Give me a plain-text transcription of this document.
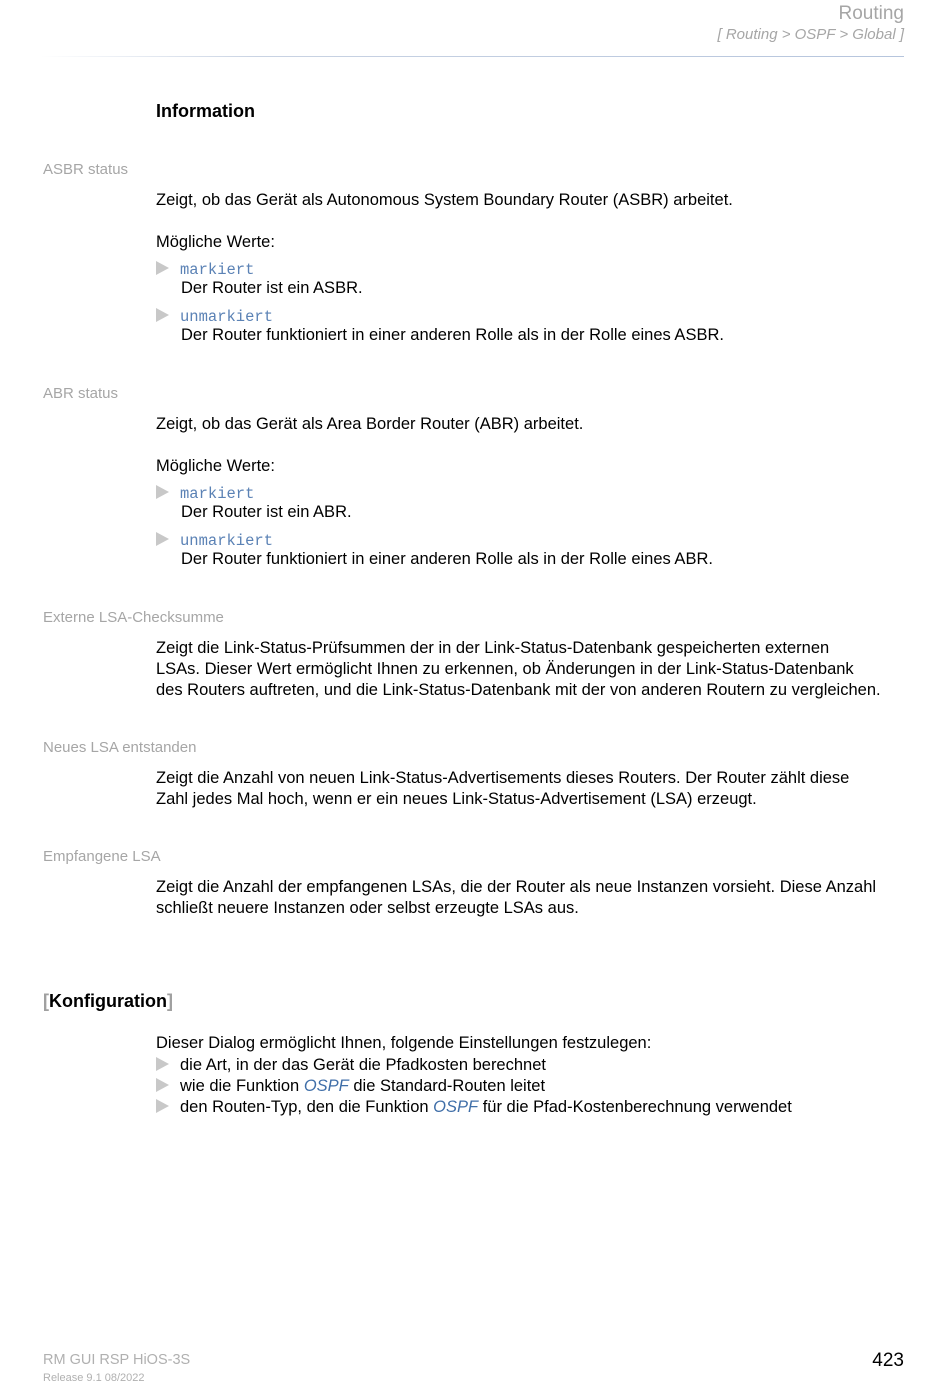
Routing
[ Routing > OSPF > Global ]
Information
ASBR status
Zeigt, ob das Gerät als Autonomous System Boundary Router (ASBR) arbeitet.
Mögliche Werte:
markiert
Der Router ist ein ASBR.
unmarkiert
Der Router funktioniert in einer anderen Rolle als in der Rolle eines ASBR.
ABR status
Zeigt, ob das Gerät als Area Border Router (ABR) arbeitet.
Mögliche Werte:
markiert
Der Router ist ein ABR.
unmarkiert
Der Router funktioniert in einer anderen Rolle als in der Rolle eines ABR.
Externe LSA-Checksumme
Zeigt die Link-Status-Prüfsummen der in der Link-Status-Datenbank gespeicherten externen
LSAs. Dieser Wert ermöglicht Ihnen zu erkennen, ob Änderungen in der Link-Status-Datenbank
des Routers auftreten, und die Link-Status-Datenbank mit der von anderen Routern zu vergleichen.
Neues LSA entstanden
Zeigt die Anzahl von neuen Link-Status-Advertisements dieses Routers. Der Router zählt diese
Zahl jedes Mal hoch, wenn er ein neues Link-Status-Advertisement (LSA) erzeugt.
Empfangene LSA
Zeigt die Anzahl der empfangenen LSAs, die der Router als neue Instanzen vorsieht. Diese Anzahl
schließt neuere Instanzen oder selbst erzeugte LSAs aus.
[Konfiguration]
Dieser Dialog ermöglicht Ihnen, folgende Einstellungen festzulegen:
die Art, in der das Gerät die Pfadkosten berechnet
wie die Funktion OSPF die Standard-Routen leitet
den Routen-Typ, den die Funktion OSPF für die Pfad-Kostenberechnung verwendet
RM GUI RSP HiOS-3S
Release 9.1 08/2022
423
